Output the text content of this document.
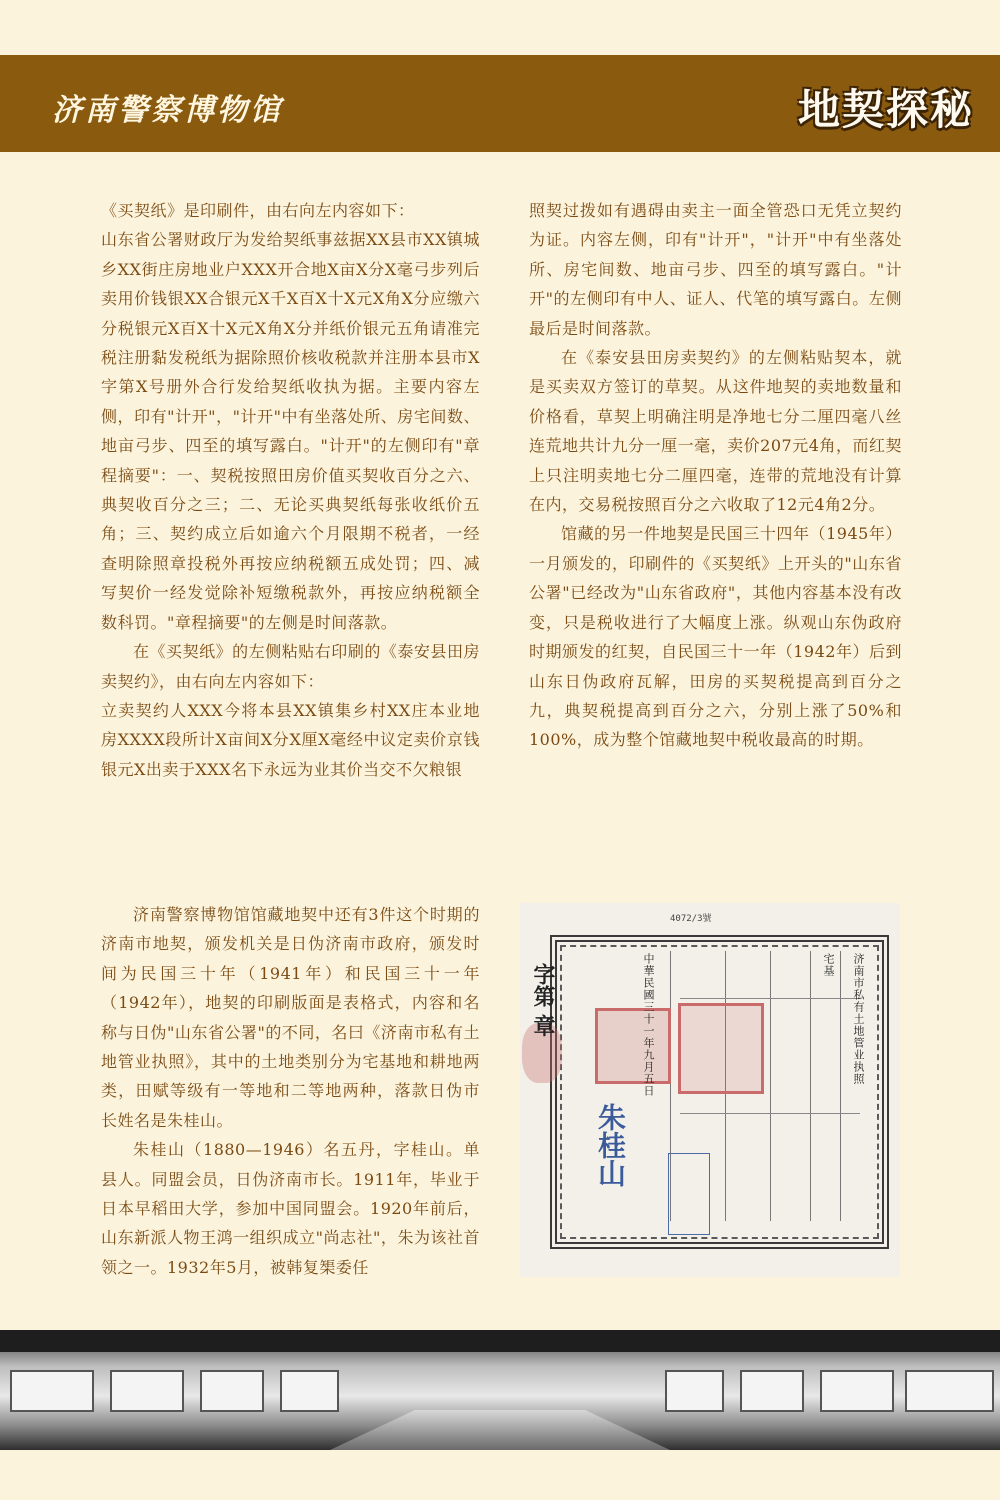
济南警察博物馆	地契探秘

《买契纸》是印刷件，由右向左内容如下：

山东省公署财政厅为发给契纸事兹据XX县市XX镇城乡XX街庄房地业户XXX开合地X亩X分X毫弓步列后卖用价钱银XX合银元X千X百X十X元X角X分应缴六分税银元X百X十X元X角X分并纸价银元五角请准完税注册黏发税纸为据除照价核收税款并注册本县市X字第X号册外合行发给契纸收执为据。主要内容左侧，印有"计开"，"计开"中有坐落处所、房宅间数、地亩弓步、四至的填写露白。"计开"的左侧印有"章程摘要"：一、契税按照田房价值买契收百分之六、典契收百分之三；二、无论买典契纸每张收纸价五角；三、契约成立后如逾六个月限期不税者，一经查明除照章投税外再按应纳税额五成处罚；四、减写契价一经发觉除补短缴税款外，再按应纳税额全数科罚。"章程摘要"的左侧是时间落款。

在《买契纸》的左侧粘贴右印刷的《泰安县田房卖契约》，由右向左内容如下：

立卖契约人XXX今将本县XX镇集乡村XX庄本业地房XXXX段所计X亩间X分X厘X毫经中议定卖价京钱银元X出卖于XXX名下永远为业其价当交不欠粮银

照契过拨如有遇碍由卖主一面全管恐口无凭立契约为证。内容左侧，印有"计开"，"计开"中有坐落处所、房宅间数、地亩弓步、四至的填写露白。"计开"的左侧印有中人、证人、代笔的填写露白。左侧最后是时间落款。

在《泰安县田房卖契约》的左侧粘贴契本，就是买卖双方签订的草契。从这件地契的卖地数量和价格看，草契上明确注明是净地七分二厘四毫八丝连荒地共计九分一厘一毫，卖价207元4角，而红契上只注明卖地七分二厘四毫，连带的荒地没有计算在内，交易税按照百分之六收取了12元4角2分。

馆藏的另一件地契是民国三十四年（1945年）一月颁发的，印刷件的《买契纸》上开头的"山东省公署"已经改为"山东省政府"，其他内容基本没有改变，只是税收进行了大幅度上涨。纵观山东伪政府时期颁发的红契，自民国三十一年（1942年）后到山东日伪政府瓦解，田房的买契税提高到百分之九，典契税提高到百分之六，分别上涨了50%和100%，成为整个馆藏地契中税收最高的时期。

济南警察博物馆馆藏地契中还有3件这个时期的济南市地契，颁发机关是日伪济南市政府，颁发时间为民国三十年（1941年）和民国三十一年（1942年），地契的印刷版面是表格式，内容和名称与日伪"山东省公署"的不同，名曰《济南市私有土地管业执照》，其中的土地类别分为宅基地和耕地两类，田赋等级有一等地和二等地两种，落款日伪市长姓名是朱桂山。

朱桂山（1880—1946）名五丹，字桂山。单县人。同盟会员，日伪济南市长。1911年，毕业于日本早稻田大学，参加中国同盟会。1920年前后，山东新派人物王鸿一组织成立"尚志社"，朱为该社首领之一。1932年5月，被韩复榘委任

4072/3號
字第 章	济南市私有土地管业执照
宅基
中華民國三十一年九月五日
朱桂山
